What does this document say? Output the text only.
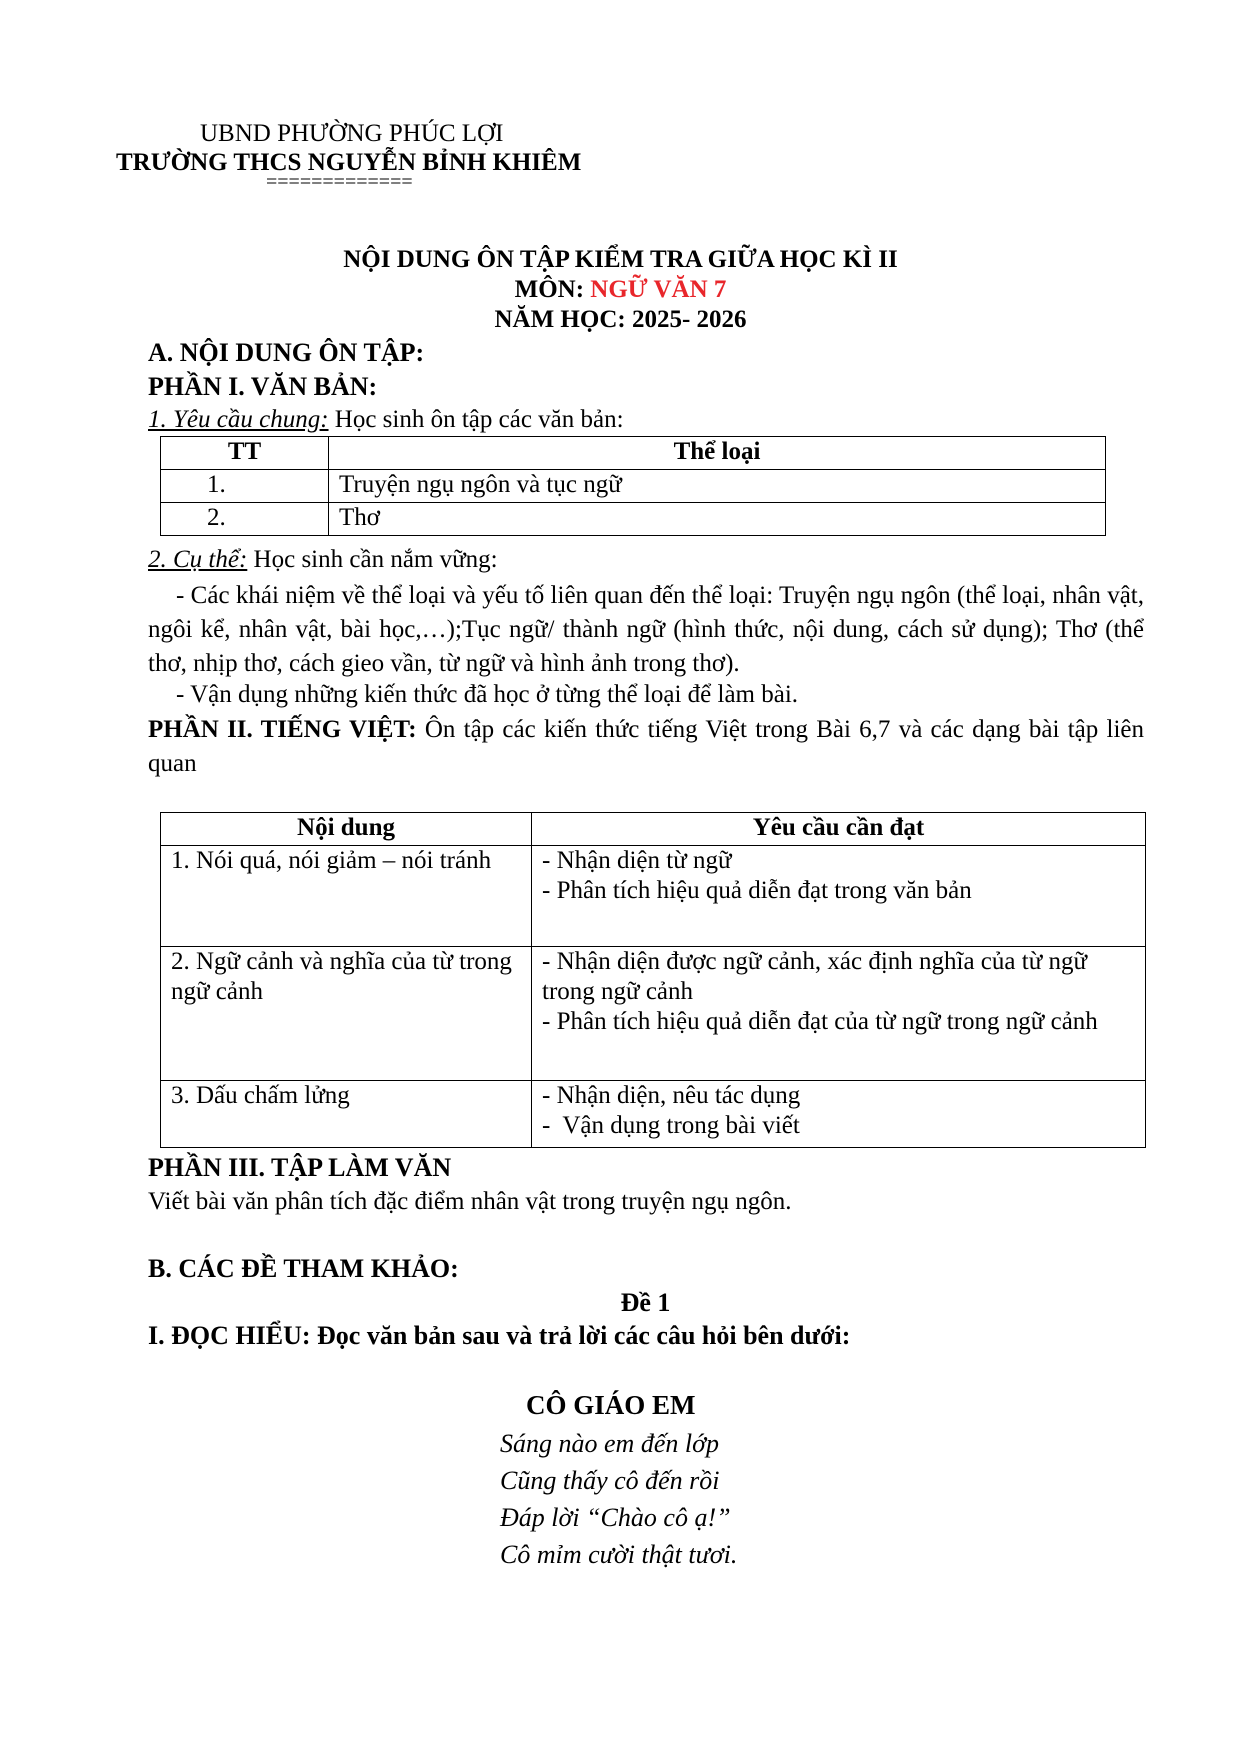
UBND PHƯỜNG PHÚC LỢI
TRƯỜNG THCS NGUYỄN BỈNH KHIÊM
=============
NỘI DUNG ÔN TẬP KIỂM TRA GIỮA HỌC KÌ II
MÔN: NGỮ VĂN 7
NĂM HỌC: 2025- 2026
A. NỘI DUNG ÔN TẬP:
PHẦN I. VĂN BẢN:
1. Yêu cầu chung: Học sinh ôn tập các văn bản:
TT	Thể loại
1.	Truyện ngụ ngôn và tục ngữ
2.	Thơ
2. Cụ thể: Học sinh cần nắm vững:
- Các khái niệm về thể loại và yếu tố liên quan đến thể loại: Truyện ngụ ngôn (thể loại, nhân vật, ngôi kể, nhân vật, bài học,…);Tục ngữ/ thành ngữ (hình thức, nội dung, cách sử dụng); Thơ (thể thơ, nhịp thơ, cách gieo vần, từ ngữ và hình ảnh trong thơ).
- Vận dụng những kiến thức đã học ở từng thể loại để làm bài.
PHẦN II. TIẾNG VIỆT: Ôn tập các kiến thức tiếng Việt trong Bài 6,7 và các dạng bài tập liên quan
Nội dung	Yêu cầu cần đạt
1. Nói quá, nói giảm – nói tránh	- Nhận diện từ ngữ
- Phân tích hiệu quả diễn đạt trong văn bản

2. Ngữ cảnh và nghĩa của từ trong ngữ cảnh	- Nhận diện được ngữ cảnh, xác định nghĩa của từ ngữ trong ngữ cảnh
- Phân tích hiệu quả diễn đạt của từ ngữ trong ngữ cảnh

3. Dấu chấm lửng	- Nhận diện, nêu tác dụng
-  Vận dụng trong bài viết
PHẦN III. TẬP LÀM VĂN
Viết bài văn phân tích đặc điểm nhân vật trong truyện ngụ ngôn.
B. CÁC ĐỀ THAM KHẢO:
Đề 1
I. ĐỌC HIỂU: Đọc văn bản sau và trả lời các câu hỏi bên dưới:
CÔ GIÁO EM
Sáng nào em đến lớp
Cũng thấy cô đến rồi
Đáp lời “Chào cô ạ!”
Cô mỉm cười thật tươi.
